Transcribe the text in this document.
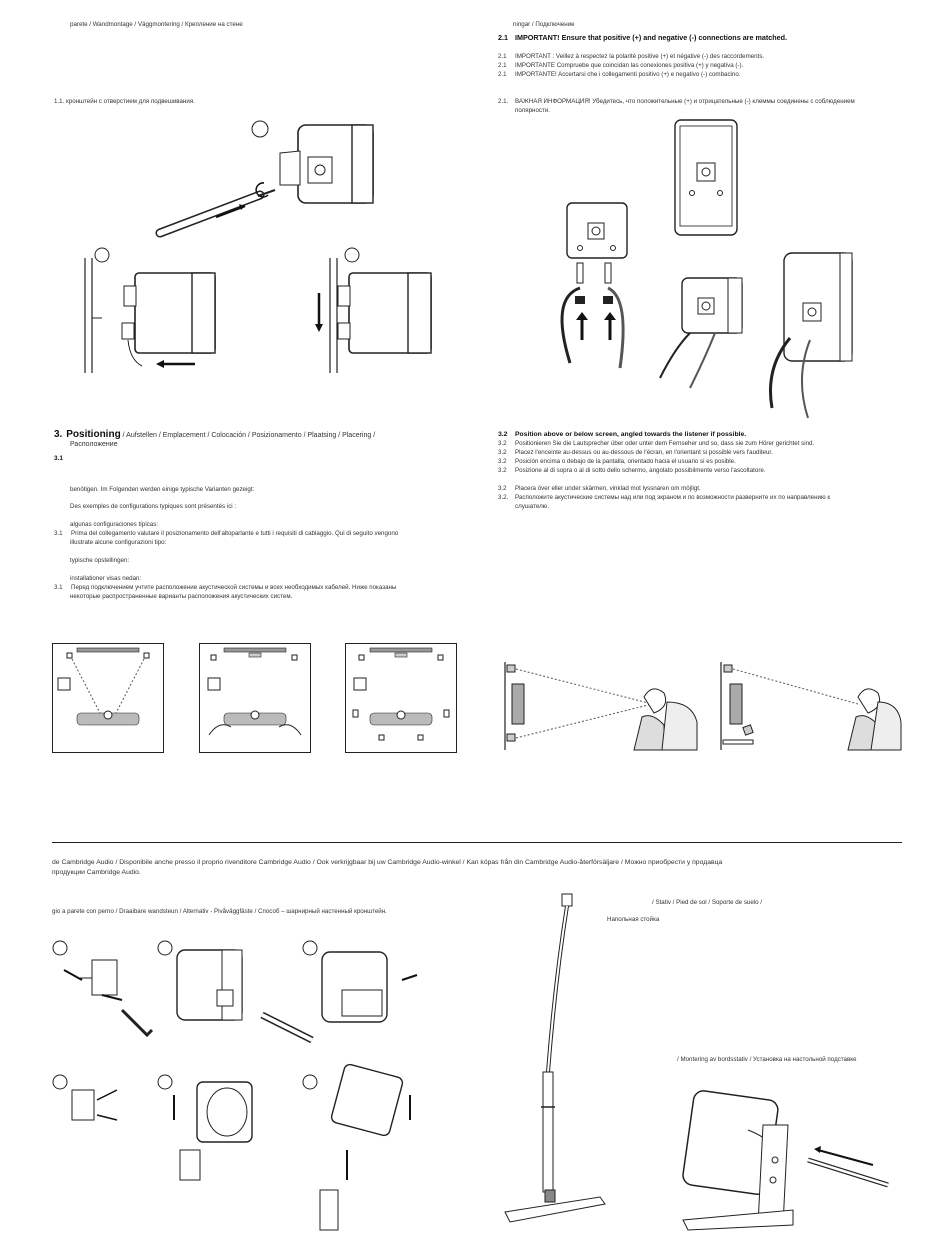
parete / Wandmontage / Väggmontering / Крепление на стене
1.1. кронштейн с отверстием для подвешивания.
ningar / Подключение
2.1 IMPORTANT! Ensure that positive (+) and negative (-) connections are matched.
2.1 IMPORTANT : Veillez à respectez la polarité positive (+) et négative (-) des raccordements.
2.1 IMPORTANTE Compruebe que coincidan las conexiones positiva (+) y negativa (-).
2.1 IMPORTANTE! Accertarsi che i collegamenti positivo (+) e negativo (-) combacino.
2.1. ВАЖНАЯ ИНФОРМАЦИЯ! Убедитесь, что положительные (+) и отрицательные (-) клеммы соединены с соблюдением
полярности.
3. Positioning / Aufstellen / Emplacement / Colocación / Posizionamento / Plaatsing / Placering /
Расположение
3.1
benötigen. Im Folgenden werden einige typische Varianten gezeigt:
Des exemples de configurations typiques sont présentés ici :
algunas configuraciones típicas:
3.1 Prima del collegamento valutare il posizionamento dell'altoparlante e tutti i requisiti di cablaggio. Qui di seguito vengono
illustrate alcune configurazioni tipo:
typische opstellingen:
installationer visas nedan:
3.1 Перед подключением учтите расположение акустической системы и всех необходимых кабелей. Ниже показаны
некоторые распространенные варианты расположения акустических систем.
3.2 Position above or below screen, angled towards the listener if possible.
3.2 Positionieren Sie die Lautsprecher über oder unter dem Fernseher und so, dass sie zum Hörer gerichtet sind.
3.2 Placez l'enceinte au-dessus ou au-dessous de l'écran, en l'orientant si possible vers l'auditeur.
3.2 Posición encima o debajo de la pantalla, orientado hacia el usuario si es posible.
3.2 Posizione al di sopra o al di sotto dello schermo, angolato possibilmente verso l'ascoltatore.
3.2 Placera över eller under skärmen, vinklad mot lyssnaren om möjligt.
3.2. Расположите акустические системы над или под экраном и по возможности разверните их по направлению к
слушателю.
de Cambridge Audio / Disponibile anche presso il proprio rivenditore Cambridge Audio / Ook verkrijgbaar bij uw Cambridge Audio-winkel / Kan köpas från din Cambridge Audio-återförsäljare / Можно приобрести у продавца
продукции Cambridge Audio.
gio a parete con perno / Draaibare wandsteun / Alternativ - Pivåväggfäste / Способ – шарнирный настенный кронштейн.
/ Stativ / Pied de sol / Soporte de suelo /
Напольная стойка
/ Montering av bordsstativ / Установка на настольной подставке
